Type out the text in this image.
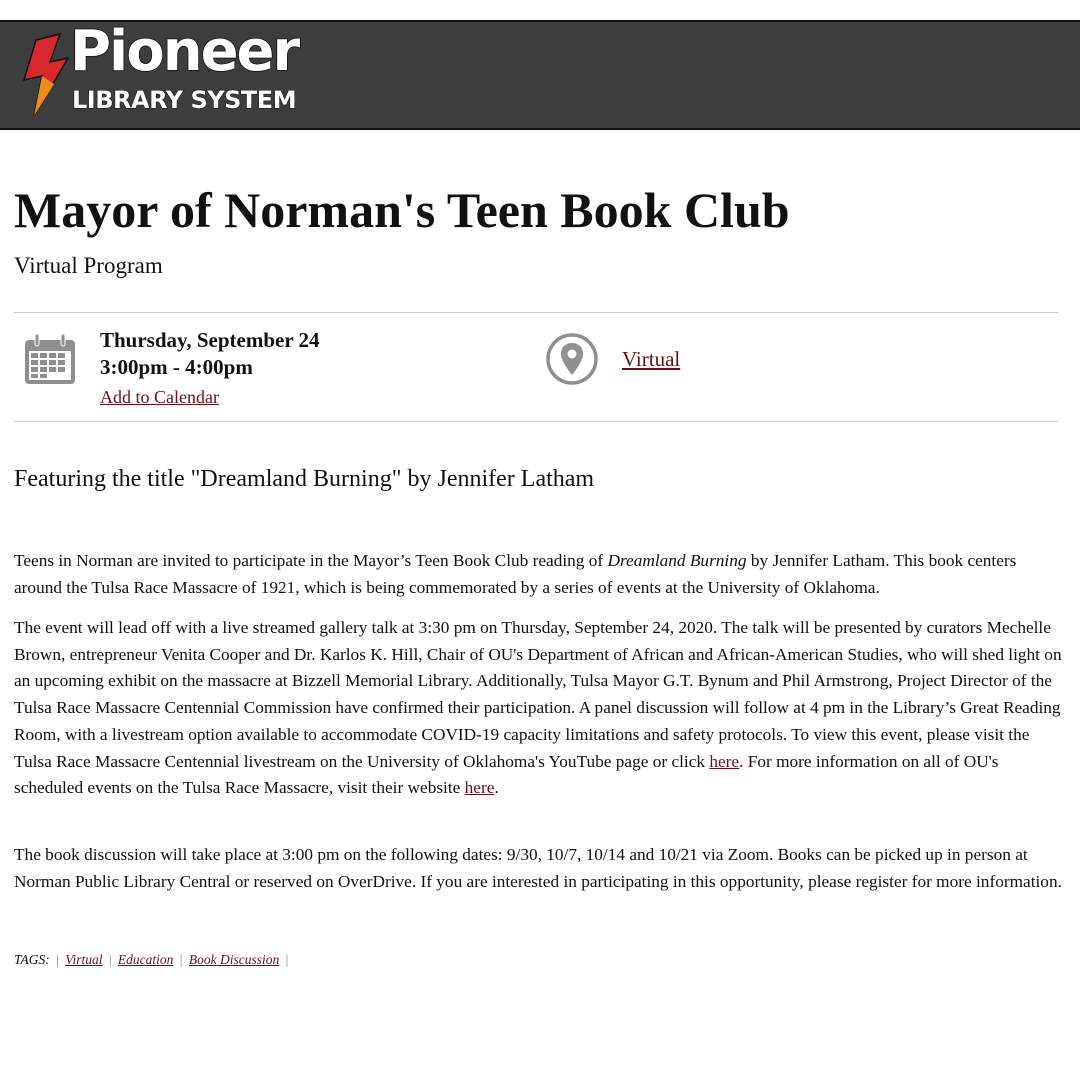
Pioneer
LIBRARY SYSTEM
Mayor of Norman's Teen Book Club
Virtual Program
Thursday, September 24
3:00pm - 4:00pm
Add to Calendar
Virtual
Featuring the title "Dreamland Burning" by Jennifer Latham

Teens in Norman are invited to participate in the Mayor’s Teen Book Club reading of Dreamland Burning by Jennifer Latham. This book centers around the Tulsa Race Massacre of 1921, which is being commemorated by a series of events at the University of Oklahoma.

The event will lead off with a live streamed gallery talk at 3:30 pm on Thursday, September 24, 2020. The talk will be presented by curators Mechelle Brown, entrepreneur Venita Cooper and Dr. Karlos K. Hill, Chair of OU's Department of African and African-American Studies, who will shed light on an upcoming exhibit on the massacre at Bizzell Memorial Library. Additionally, Tulsa Mayor G.T. Bynum and Phil Armstrong, Project Director of the Tulsa Race Massacre Centennial Commission have confirmed their participation. A panel discussion will follow at 4 pm in the Library’s Great Reading Room, with a livestream option available to accommodate COVID-19 capacity limitations and safety protocols. To view this event, please visit the Tulsa Race Massacre Centennial livestream on the University of Oklahoma's YouTube page or click here. For more information on all of OU's scheduled events on the Tulsa Race Massacre, visit their website here.

The book discussion will take place at 3:00 pm on the following dates: 9/30, 10/7, 10/14 and 10/21 via Zoom. Books can be picked up in person at Norman Public Library Central or reserved on OverDrive. If you are interested in participating in this opportunity, please register for more information.

TAGS: | Virtual | Education | Book Discussion |
